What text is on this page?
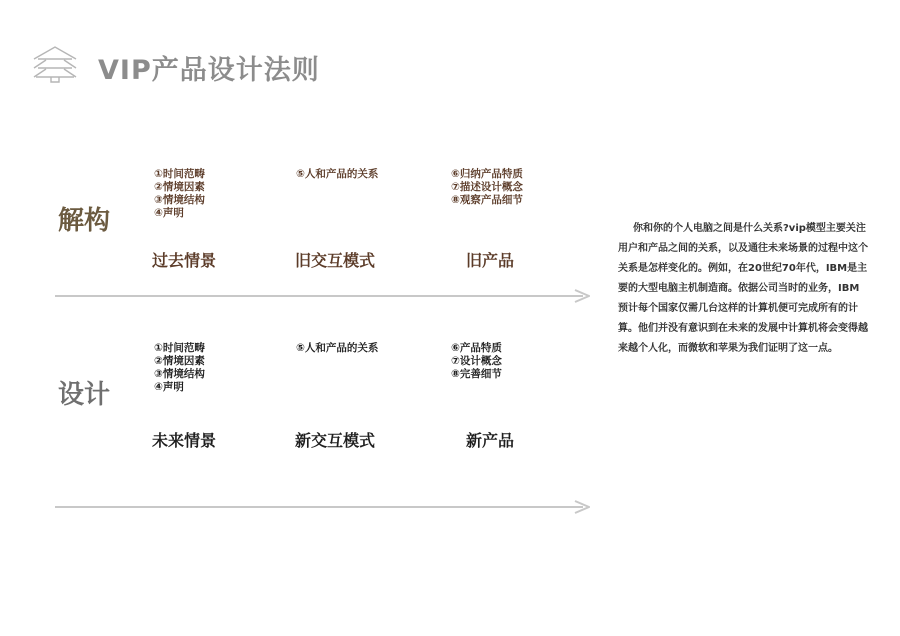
VIP产品设计法则
解构
①时间范畴
②情境因素
③情境结构
④声明
⑤人和产品的关系	⑥归纳产品特质
⑦描述设计概念
⑧观察产品细节
过去情景	旧交互模式	旧产品
设计
①时间范畴
②情境因素
③情境结构
④声明
⑤人和产品的关系	⑥产品特质
⑦设计概念
⑧完善细节
未来情景	新交互模式	新产品
你和你的个人电脑之间是什么关系?vip模型主要关注用户和产品之间的关系，以及通往未来场景的过程中这个关系是怎样变化的。例如，在20世纪70年代，IBM是主要的大型电脑主机制造商。依据公司当时的业务，IBM预计每个国家仅需几台这样的计算机便可完成所有的计算。他们并没有意识到在未来的发展中计算机将会变得越来越个人化，而微软和苹果为我们证明了这一点。
